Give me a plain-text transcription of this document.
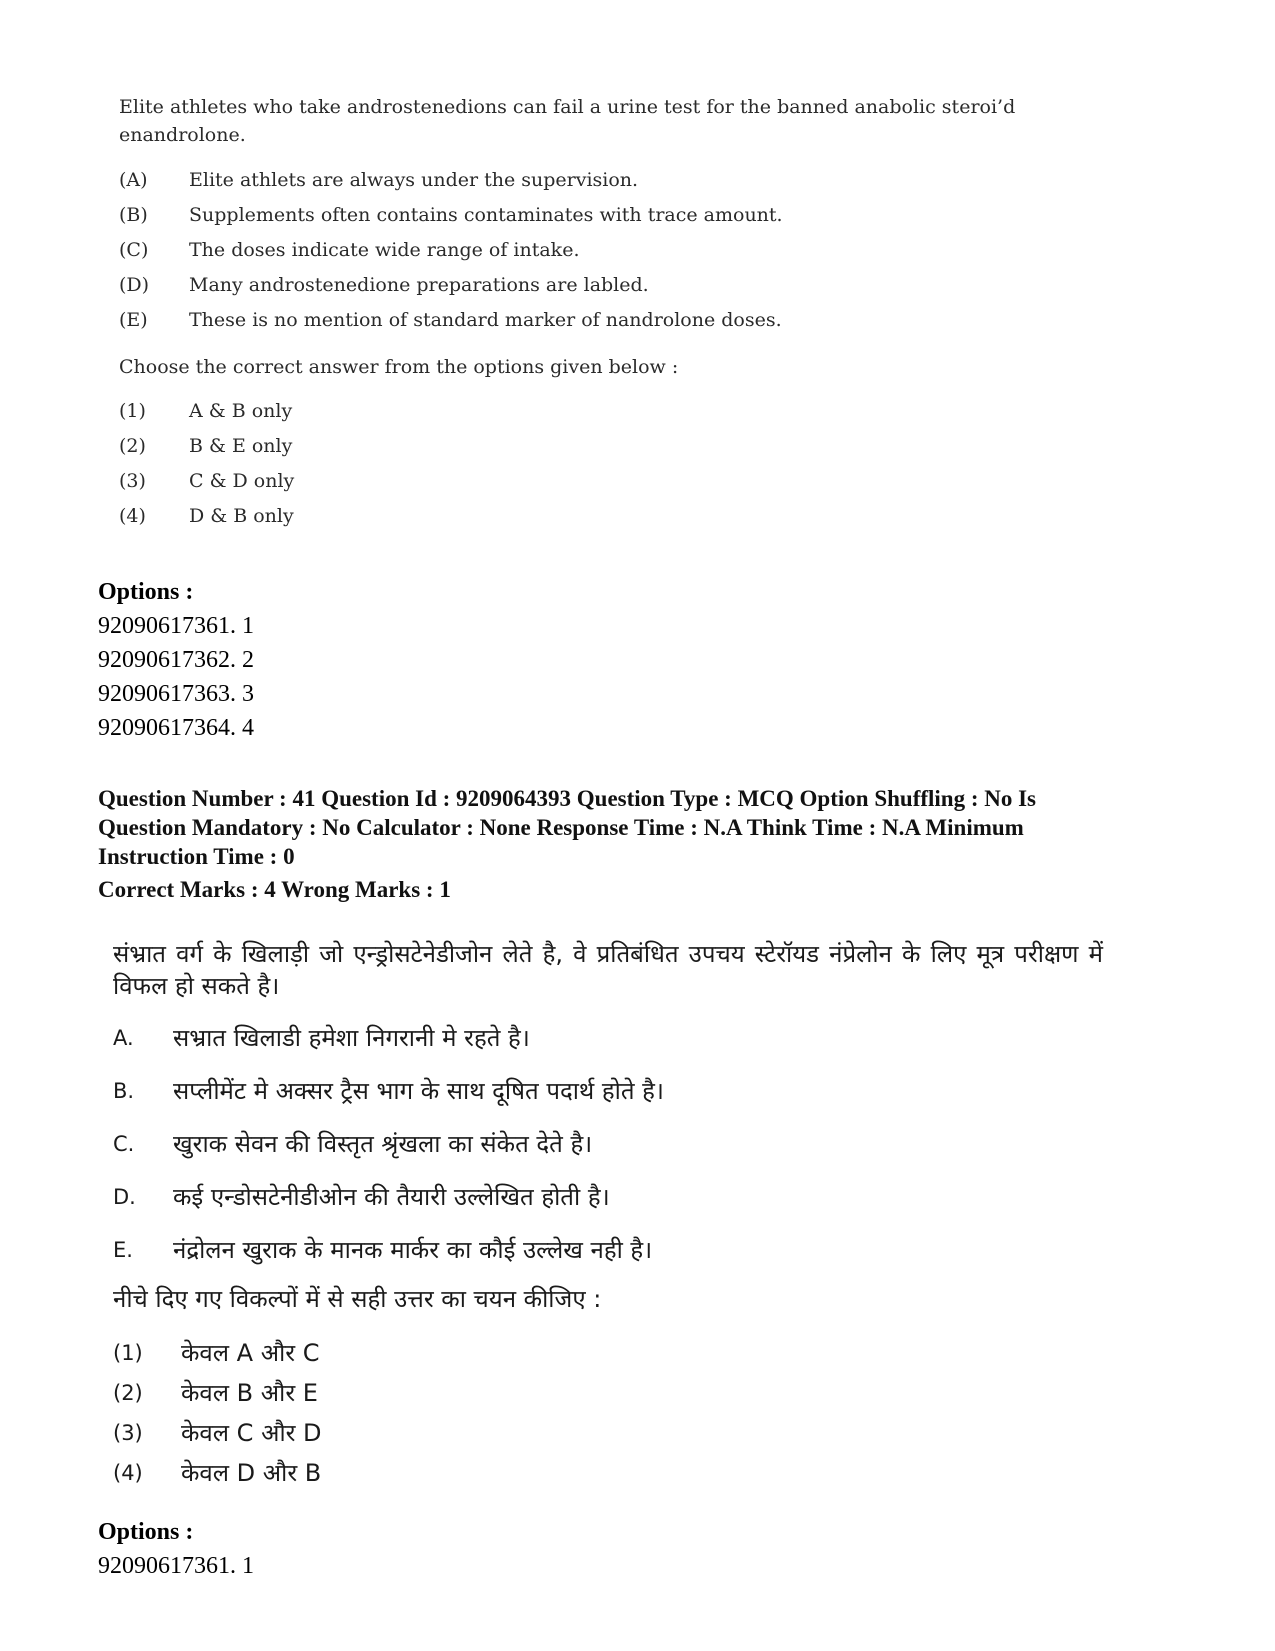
Elite athletes who take androstenedions can fail a urine test for the banned anabolic steroi’d enandrolone.

(A)	Elite athlets are always under the supervision.
(B)	Supplements often contains contaminates with trace amount.
(C)	The doses indicate wide range of intake.
(D)	Many androstenedione preparations are labled.
(E)	These is no mention of standard marker of nandrolone doses.
Choose the correct answer from the options given below :
(1)	A & B only
(2)	B & E only
(3)	C & D only
(4)	D & B only
Options :
92090617361. 1
92090617362. 2
92090617363. 3
92090617364. 4
Question Number : 41 Question Id : 9209064393 Question Type : MCQ Option Shuffling : No Is
Question Mandatory : No Calculator : None Response Time : N.A Think Time : N.A Minimum
Instruction Time : 0
Correct Marks : 4 Wrong Marks : 1

संभ्रात वर्ग के खिलाड़ी जो एन्ड्रोसटेनेडीजोन लेते है, वे प्रतिबंधित उपचय स्टेरॉयड नंप्रेलोन के लिए मूत्र परीक्षण में विफल हो सकते है।

A. सभ्रात खिलाडी हमेशा निगरानी मे रहते है।
B. सप्लीमेंट मे अक्सर ट्रैस भाग के साथ दूषित पदार्थ होते है।
C. खुराक सेवन की विस्तृत श्रृंखला का संकेत देते है।
D. कई एन्डोसटेनीडीओन की तैयारी उल्लेखित होती है।
E. नंद्रोलन खुराक के मानक मार्कर का कौई उल्लेख नही है।
नीचे दिए गए विकल्पों में से सही उत्तर का चयन कीजिए :
(1) केवल A और C
(2) केवल B और E
(3) केवल C और D
(4) केवल D और B
Options :
92090617361. 1
